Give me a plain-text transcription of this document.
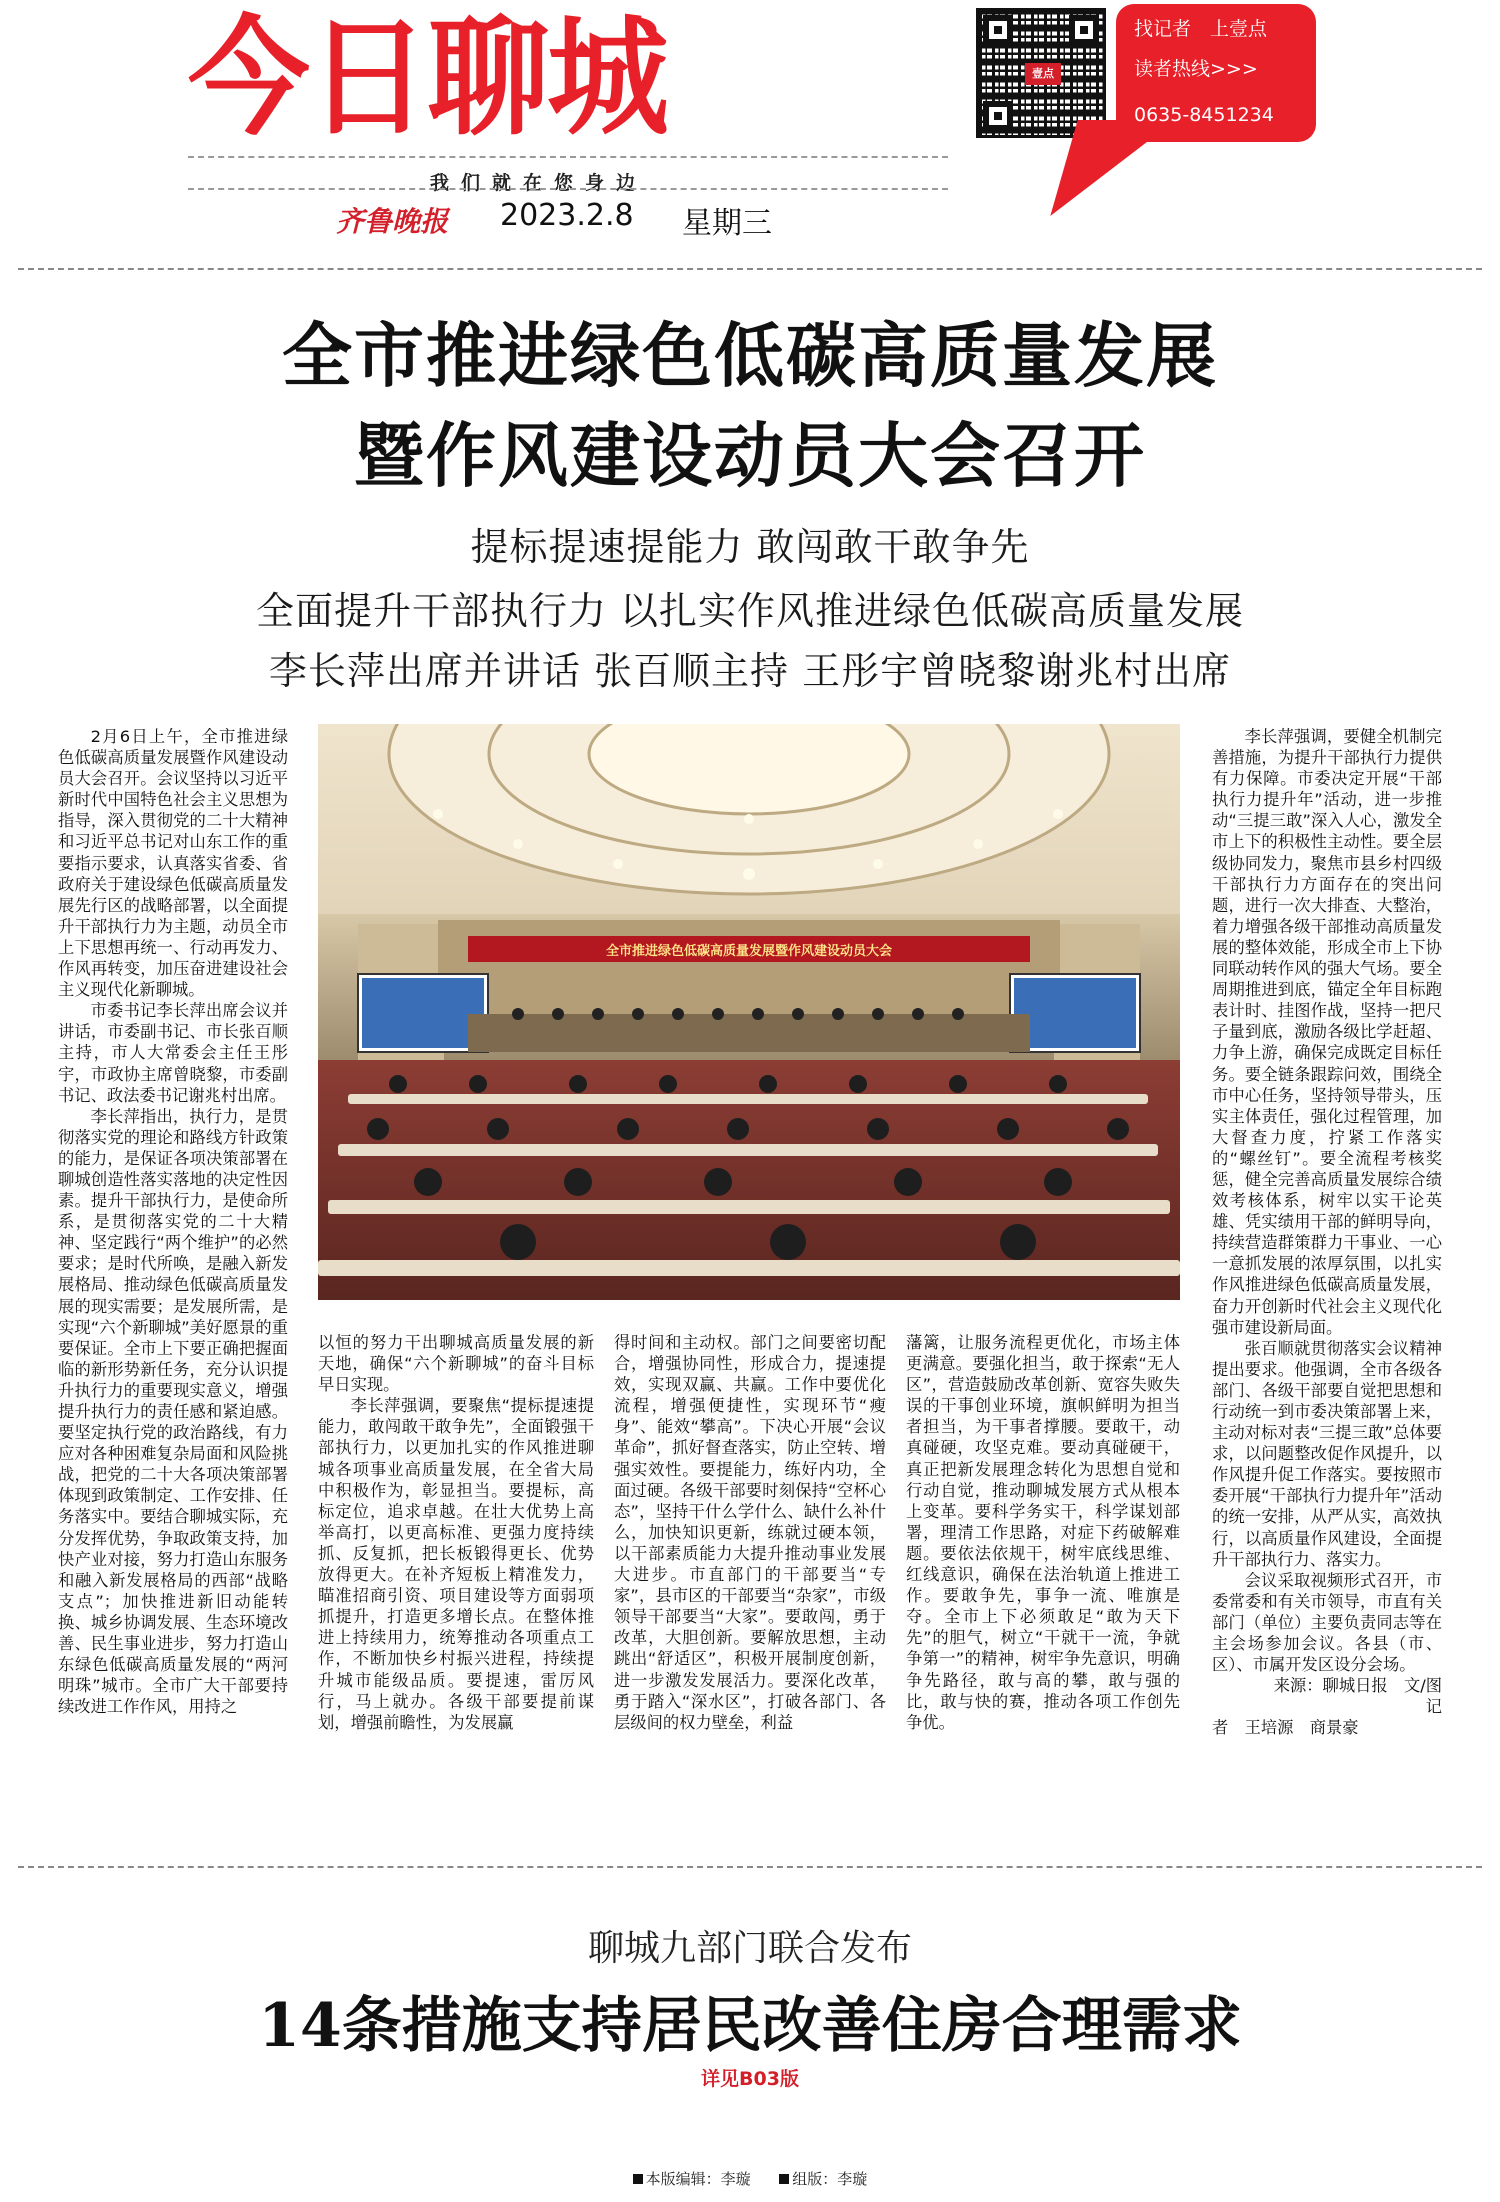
今日聊城
我们就在您身边
齐鲁晚报 2023.2.8 星期三
壹点
找记者　上壹点
读者热线>>>
0635-8451234
全市推进绿色低碳高质量发展
暨作风建设动员大会召开
提标提速提能力 敢闯敢干敢争先
全面提升干部执行力 以扎实作风推进绿色低碳高质量发展
李长萍出席并讲话 张百顺主持 王彤宇曾晓黎谢兆村出席

2月6日上午，全市推进绿色低碳高质量发展暨作风建设动员大会召开。会议坚持以习近平新时代中国特色社会主义思想为指导，深入贯彻党的二十大精神和习近平总书记对山东工作的重要指示要求，认真落实省委、省政府关于建设绿色低碳高质量发展先行区的战略部署，以全面提升干部执行力为主题，动员全市上下思想再统一、行动再发力、作风再转变，加压奋进建设社会主义现代化新聊城。

市委书记李长萍出席会议并讲话，市委副书记、市长张百顺主持，市人大常委会主任王彤宇，市政协主席曾晓黎，市委副书记、政法委书记谢兆村出席。

李长萍指出，执行力，是贯彻落实党的理论和路线方针政策的能力，是保证各项决策部署在聊城创造性落实落地的决定性因素。提升干部执行力，是使命所系，是贯彻落实党的二十大精神、坚定践行“两个维护”的必然要求；是时代所唤，是融入新发展格局、推动绿色低碳高质量发展的现实需要；是发展所需，是实现“六个新聊城”美好愿景的重要保证。全市上下要正确把握面临的新形势新任务，充分认识提升执行力的重要现实意义，增强提升执行力的责任感和紧迫感。要坚定执行党的政治路线，有力应对各种困难复杂局面和风险挑战，把党的二十大各项决策部署体现到政策制定、工作安排、任务落实中。要结合聊城实际，充分发挥优势，争取政策支持，加快产业对接，努力打造山东服务和融入新发展格局的西部“战略支点”；加快推进新旧动能转换、城乡协调发展、生态环境改善、民生事业进步，努力打造山东绿色低碳高质量发展的“两河明珠”城市。全市广大干部要持续改进工作作风，用持之

全市推进绿色低碳高质量发展暨作风建设动员大会

以恒的努力干出聊城高质量发展的新天地，确保“六个新聊城”的奋斗目标早日实现。

李长萍强调，要聚焦“提标提速提能力，敢闯敢干敢争先”，全面锻强干部执行力，以更加扎实的作风推进聊城各项事业高质量发展，在全省大局中积极作为，彰显担当。要提标，高标定位，追求卓越。在壮大优势上高举高打，以更高标准、更强力度持续抓、反复抓，把长板锻得更长、优势放得更大。在补齐短板上精准发力，瞄准招商引资、项目建设等方面弱项抓提升，打造更多增长点。在整体推进上持续用力，统筹推动各项重点工作，不断加快乡村振兴进程，持续提升城市能级品质。要提速，雷厉风行，马上就办。各级干部要提前谋划，增强前瞻性，为发展赢

得时间和主动权。部门之间要密切配合，增强协同性，形成合力，提速提效，实现双赢、共赢。工作中要优化流程，增强便捷性，实现环节“瘦身”、能效“攀高”。下决心开展“会议革命”，抓好督查落实，防止空转、增强实效性。要提能力，练好内功，全面过硬。各级干部要时刻保持“空杯心态”，坚持干什么学什么、缺什么补什么，加快知识更新，练就过硬本领，以干部素质能力大提升推动事业发展大进步。市直部门的干部要当“专家”，县市区的干部要当“杂家”，市级领导干部要当“大家”。要敢闯，勇于改革，大胆创新。要解放思想，主动跳出“舒适区”，积极开展制度创新，进一步激发发展活力。要深化改革，勇于踏入“深水区”，打破各部门、各层级间的权力壁垒，利益

藩篱，让服务流程更优化，市场主体更满意。要强化担当，敢于探索“无人区”，营造鼓励改革创新、宽容失败失误的干事创业环境，旗帜鲜明为担当者担当，为干事者撑腰。要敢干，动真碰硬，攻坚克难。要动真碰硬干，真正把新发展理念转化为思想自觉和行动自觉，推动聊城发展方式从根本上变革。要科学务实干，科学谋划部署，理清工作思路，对症下药破解难题。要依法依规干，树牢底线思维、红线意识，确保在法治轨道上推进工作。要敢争先，事争一流、唯旗是夺。全市上下必须敢足“敢为天下先”的胆气，树立“干就干一流，争就争第一”的精神，树牢争先意识，明确争先路径，敢与高的攀，敢与强的比，敢与快的赛，推动各项工作创先争优。

李长萍强调，要健全机制完善措施，为提升干部执行力提供有力保障。市委决定开展“干部执行力提升年”活动，进一步推动“三提三敢”深入人心，激发全市上下的积极性主动性。要全层级协同发力，聚焦市县乡村四级干部执行力方面存在的突出问题，进行一次大排查、大整治，着力增强各级干部推动高质量发展的整体效能，形成全市上下协同联动转作风的强大气场。要全周期推进到底，锚定全年目标跑表计时、挂图作战，坚持一把尺子量到底，激励各级比学赶超、力争上游，确保完成既定目标任务。要全链条跟踪问效，围绕全市中心任务，坚持领导带头，压实主体责任，强化过程管理，加大督查力度，拧紧工作落实的“螺丝钉”。要全流程考核奖惩，健全完善高质量发展综合绩效考核体系，树牢以实干论英雄、凭实绩用干部的鲜明导向，持续营造群策群力干事业、一心一意抓发展的浓厚氛围，以扎实作风推进绿色低碳高质量发展，奋力开创新时代社会主义现代化强市建设新局面。

张百顺就贯彻落实会议精神提出要求。他强调，全市各级各部门、各级干部要自觉把思想和行动统一到市委决策部署上来，主动对标对表“三提三敢”总体要求，以问题整改促作风提升，以作风提升促工作落实。要按照市委开展“干部执行力提升年”活动的统一安排，从严从实，高效执行，以高质量作风建设，全面提升干部执行力、落实力。

会议采取视频形式召开，市委常委和有关市领导，市直有关部门（单位）主要负责同志等在主会场参加会议。各县（市、区）、市属开发区设分会场。

来源：聊城日报　文/图　记

者　王培源　商景豪

聊城九部门联合发布
14条措施支持居民改善住房合理需求
详见B03版
本版编辑：李璇	组版：李璇
